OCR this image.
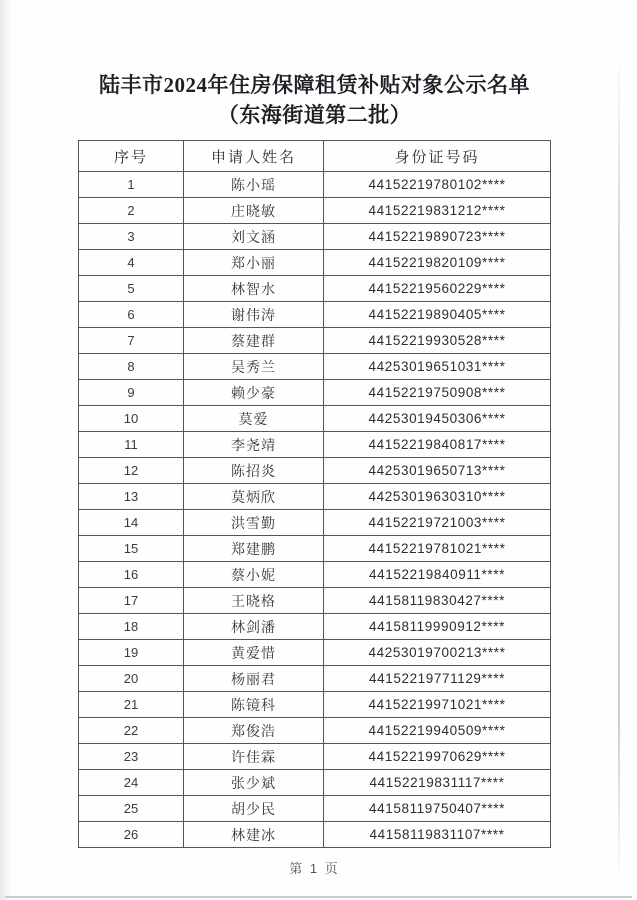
陆丰市2024年住房保障租赁补贴对象公示名单
（东海街道第二批）
序号	申请人姓名	身份证号码
1	陈小瑶	44152219780102****
2	庄晓敏	44152219831212****
3	刘文涵	44152219890723****
4	郑小丽	44152219820109****
5	林智水	44152219560229****
6	谢伟涛	44152219890405****
7	蔡建群	44152219930528****
8	吴秀兰	44253019651031****
9	赖少豪	44152219750908****
10	莫爱	44253019450306****
11	李尧靖	44152219840817****
12	陈招炎	44253019650713****
13	莫炳欣	44253019630310****
14	洪雪勤	44152219721003****
15	郑建鹏	44152219781021****
16	蔡小妮	44152219840911****
17	王晓格	44158119830427****
18	林剑潘	44158119990912****
19	黄爱惜	44253019700213****
20	杨丽君	44152219771129****
21	陈镜科	44152219971021****
22	郑俊浩	44152219940509****
23	许佳霖	44152219970629****
24	张少斌	44152219831117****
25	胡少民	44158119750407****
26	林建冰	44158119831107****
第 1 页
